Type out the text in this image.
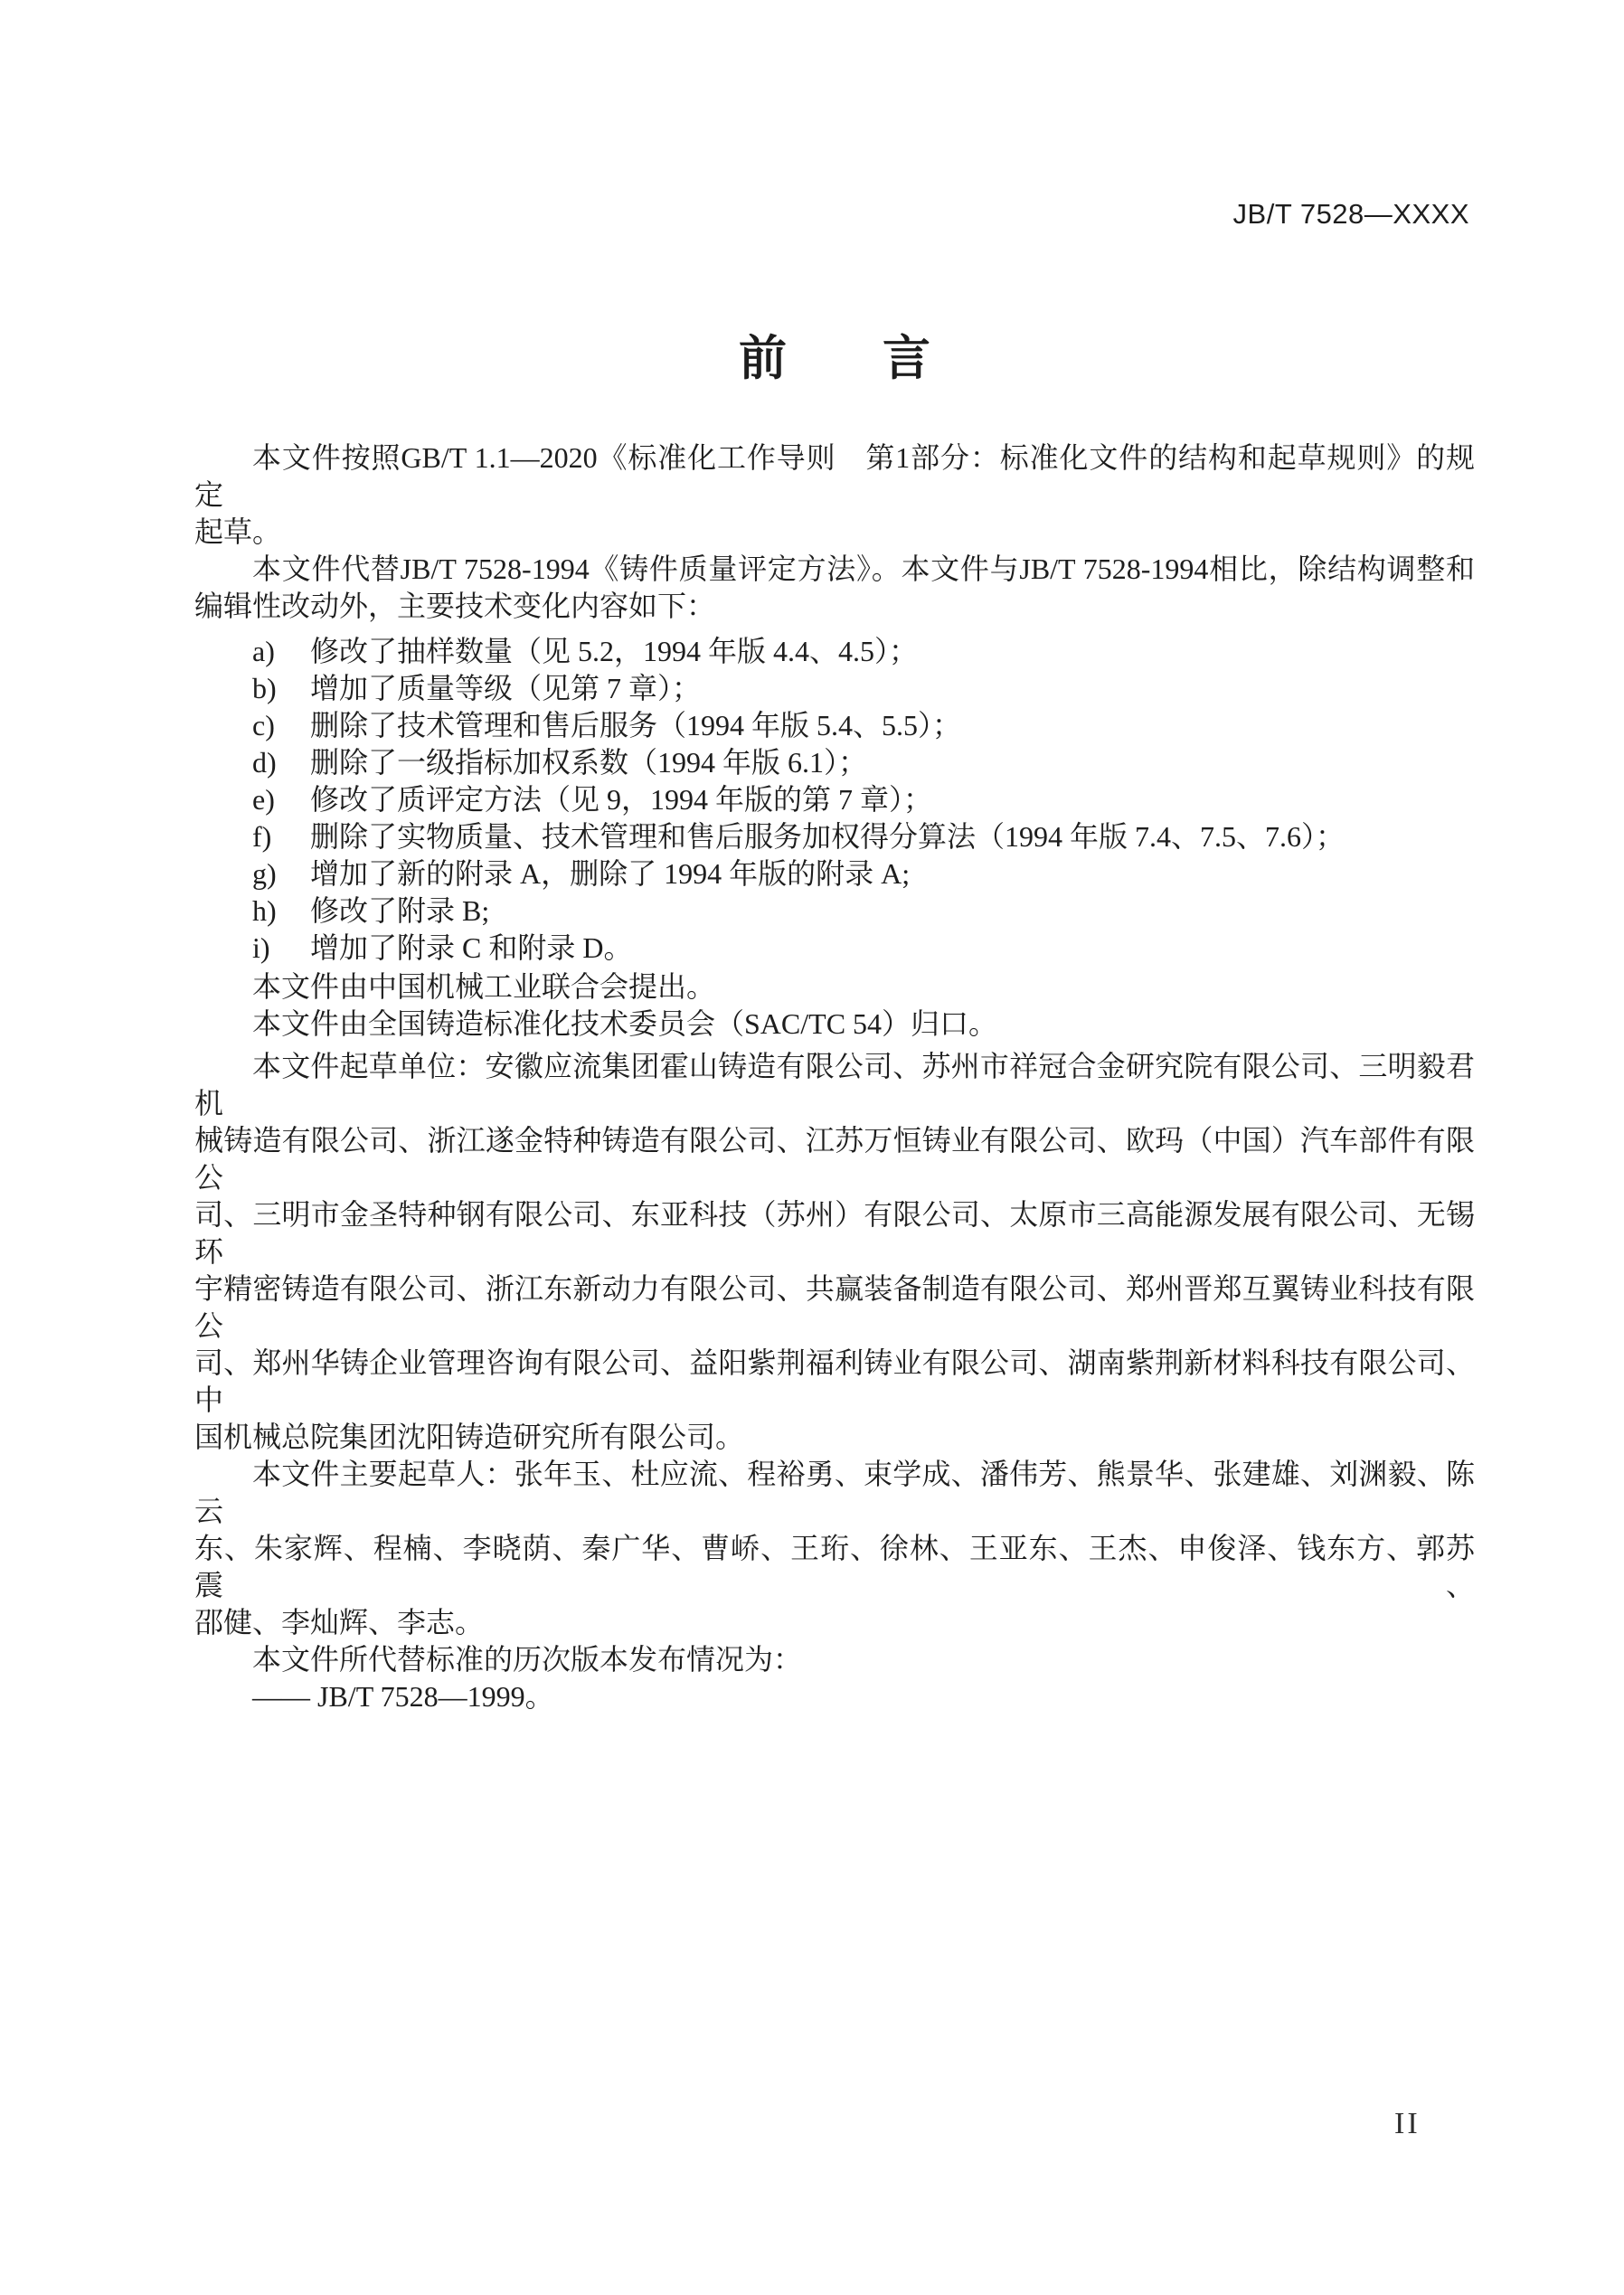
JB/T 7528—XXXX
前　　言
本文件按照GB/T 1.1—2020《标准化工作导则　第1部分：标准化文件的结构和起草规则》的规定
起草。
本文件代替JB/T 7528-1994《铸件质量评定方法》。本文件与JB/T 7528-1994相比，除结构调整和
编辑性改动外，主要技术变化内容如下：
a) 修改了抽样数量（见 5.2，1994 年版 4.4、4.5）；
b) 增加了质量等级（见第 7 章）；
c) 删除了技术管理和售后服务（1994 年版 5.4、5.5）；
d) 删除了一级指标加权系数（1994 年版 6.1）；
e) 修改了质评定方法（见 9，1994 年版的第 7 章）；
f) 删除了实物质量、技术管理和售后服务加权得分算法（1994 年版 7.4、7.5、7.6）；
g) 增加了新的附录 A，删除了 1994 年版的附录 A;
h) 修改了附录 B;
i) 增加了附录 C 和附录 D。
本文件由中国机械工业联合会提出。
本文件由全国铸造标准化技术委员会（SAC/TC 54）归口。
本文件起草单位：安徽应流集团霍山铸造有限公司、苏州市祥冠合金研究院有限公司、三明毅君机
械铸造有限公司、浙江遂金特种铸造有限公司、江苏万恒铸业有限公司、欧玛（中国）汽车部件有限公
司、三明市金圣特种钢有限公司、东亚科技（苏州）有限公司、太原市三高能源发展有限公司、无锡环
宇精密铸造有限公司、浙江东新动力有限公司、共赢装备制造有限公司、郑州晋郑互翼铸业科技有限公
司、郑州华铸企业管理咨询有限公司、益阳紫荆福利铸业有限公司、湖南紫荆新材料科技有限公司、中
国机械总院集团沈阳铸造研究所有限公司。
本文件主要起草人：张年玉、杜应流、程裕勇、束学成、潘伟芳、熊景华、张建雄、刘渊毅、陈云
东、朱家辉、程楠、李晓荫、秦广华、曹峤、王珩、徐林、王亚东、王杰、申俊泽、钱东方、郭苏震、
邵健、李灿辉、李志。
本文件所代替标准的历次版本发布情况为：
—— JB/T 7528—1999。
II
